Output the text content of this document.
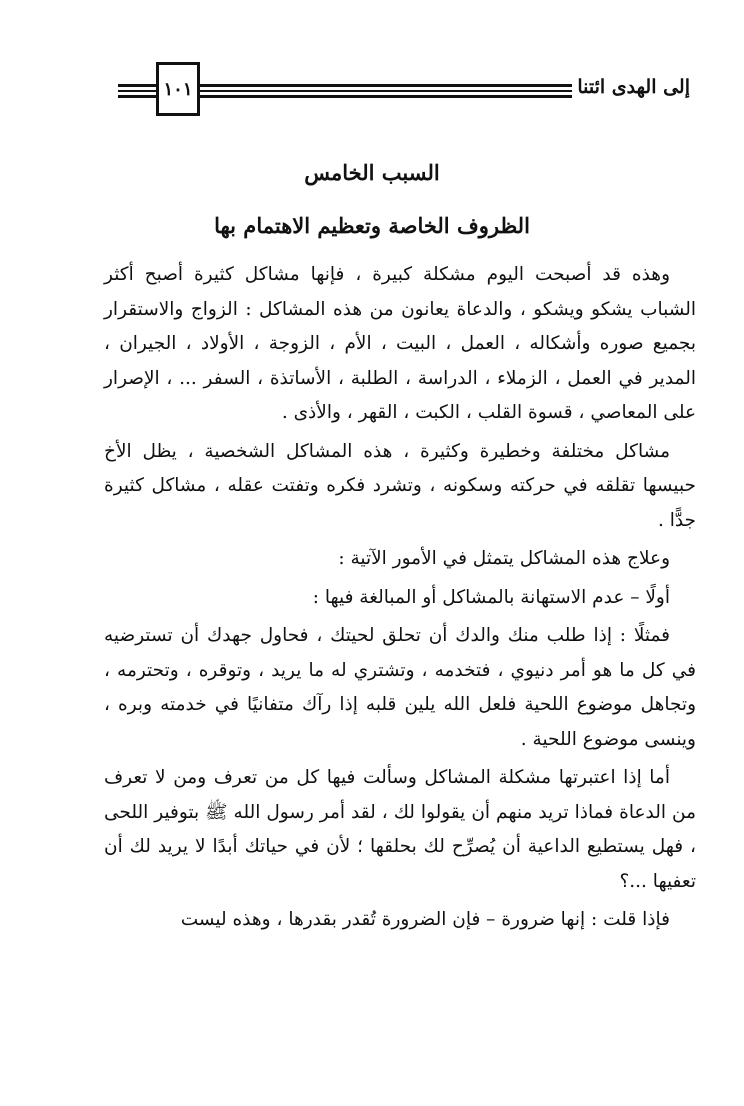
١٠١	إلى الهدى ائتنا
السبب الخامس
الظروف الخاصة وتعظيم الاهتمام بها

وهذه قد أصبحت اليوم مشكلة كبيرة ، فإنها مشاكل كثيرة أصبح أكثر الشباب يشكو ويشكو ، والدعاة يعانون من هذه المشاكل : الزواج والاستقرار بجميع صوره وأشكاله ، العمل ، البيت ، الأم ، الزوجة ، الأولاد ، الجيران ، المدير في العمل ، الزملاء ، الدراسة ، الطلبة ، الأساتذة ، السفر ... ، الإصرار على المعاصي ، قسوة القلب ، الكبت ، القهر ، والأذى .

مشاكل مختلفة وخطيرة وكثيرة ، هذه المشاكل الشخصية ، يظل الأخ حبيسها تقلقه في حركته وسكونه ، وتشرد فكره وتفتت عقله ، مشاكل كثيرة جدًّا .

وعلاج هذه المشاكل يتمثل في الأمور الآتية :

أولًا – عدم الاستهانة بالمشاكل أو المبالغة فيها :

فمثلًا : إذا طلب منك والدك أن تحلق لحيتك ، فحاول جهدك أن تسترضيه في كل ما هو أمر دنيوي ، فتخدمه ، وتشتري له ما يريد ، وتوقره ، وتحترمه ، وتجاهل موضوع اللحية فلعل الله يلين قلبه إذا رآك متفانيًا في خدمته وبره ، وينسى موضوع اللحية .

أما إذا اعتبرتها مشكلة المشاكل وسألت فيها كل من تعرف ومن لا تعرف من الدعاة فماذا تريد منهم أن يقولوا لك ، لقد أمر رسول الله ﷺ بتوفير اللحى ، فهل يستطيع الداعية أن يُصرِّح لك بحلقها ؛ لأن في حياتك أبدًا لا يريد لك أن تعفيها ...؟

فإذا قلت : إنها ضرورة – فإن الضرورة تُقدر بقدرها ، وهذه ليست
